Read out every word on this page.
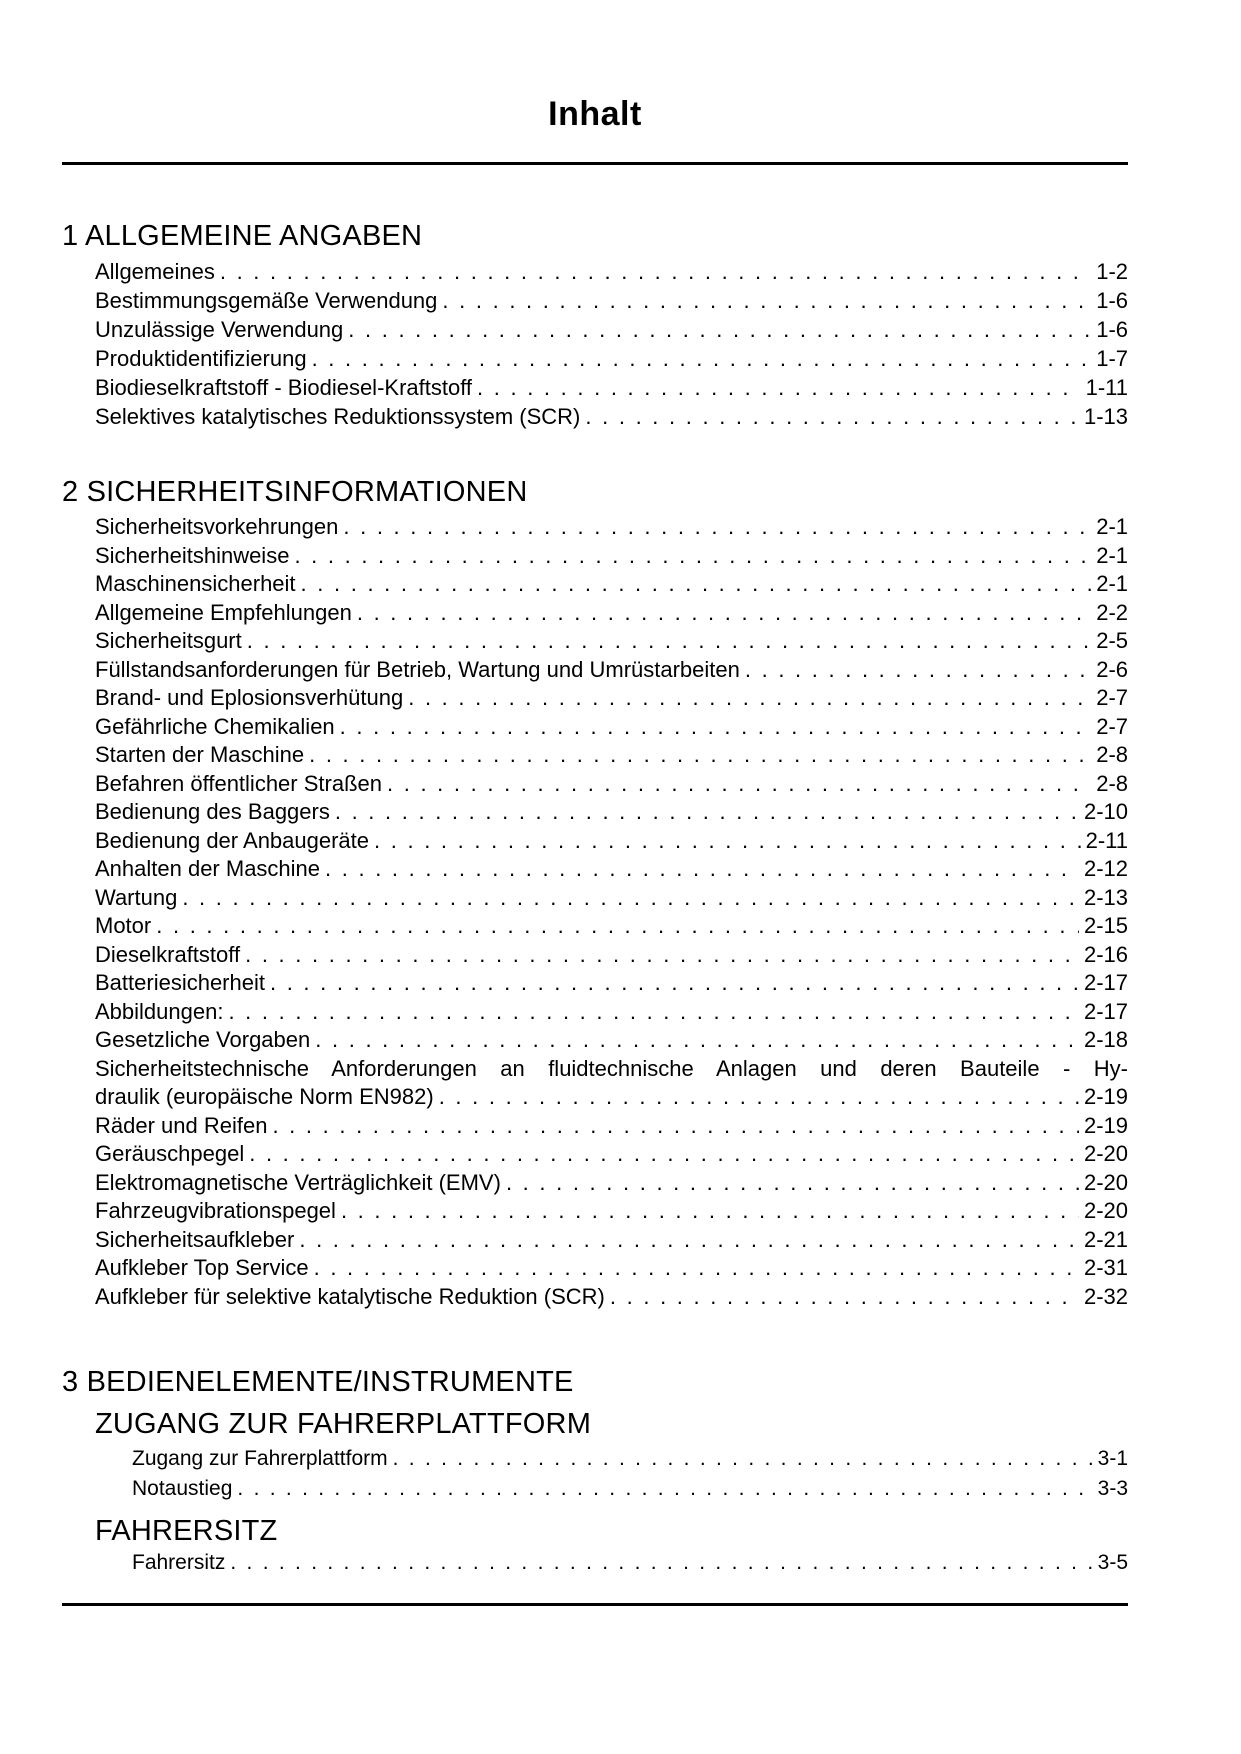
Inhalt
1 ALLGEMEINE ANGABEN
Allgemeines . . .	1-2
Bestimmungsgemäße Verwendung . . .	1-6
Unzulässige Verwendung . . .	1-6
Produktidentifizierung . . .	1-7
Biodieselkraftstoff - Biodiesel-Kraftstoff . . .	1-11
Selektives katalytisches Reduktionssystem (SCR) . . .	1-13
2 SICHERHEITSINFORMATIONEN
Sicherheitsvorkehrungen . . .	2-1
Sicherheitshinweise . . .	2-1
Maschinensicherheit . . .	2-1
Allgemeine Empfehlungen . . .	2-2
Sicherheitsgurt . . .	2-5
Füllstandsanforderungen für Betrieb, Wartung und Umrüstarbeiten . . .	2-6
Brand- und Eplosionsverhütung . . .	2-7
Gefährliche Chemikalien . . .	2-7
Starten der Maschine . . .	2-8
Befahren öffentlicher Straßen . . .	2-8
Bedienung des Baggers . . .	2-10
Bedienung der Anbaugeräte . . .	2-11
Anhalten der Maschine . . .	2-12
Wartung . . .	2-13
Motor . . .	2-15
Dieselkraftstoff . . .	2-16
Batteriesicherheit . . .	2-17
Abbildungen: . . .	2-17
Gesetzliche Vorgaben . . .	2-18
Sicherheitstechnische Anforderungen an fluidtechnische Anlagen und deren Bauteile - Hy-
draulik (europäische Norm EN982) . . .	2-19
Räder und Reifen . . .	2-19
Geräuschpegel . . .	2-20
Elektromagnetische Verträglichkeit (EMV) . . .	2-20
Fahrzeugvibrationspegel . . .	2-20
Sicherheitsaufkleber . . .	2-21
Aufkleber Top Service . . .	2-31
Aufkleber für selektive katalytische Reduktion (SCR) . . .	2-32
3 BEDIENELEMENTE/INSTRUMENTE
ZUGANG ZUR FAHRERPLATTFORM
Zugang zur Fahrerplattform . . .	3-1
Notaustieg . . .	3-3
FAHRERSITZ
Fahrersitz . . .	3-5
